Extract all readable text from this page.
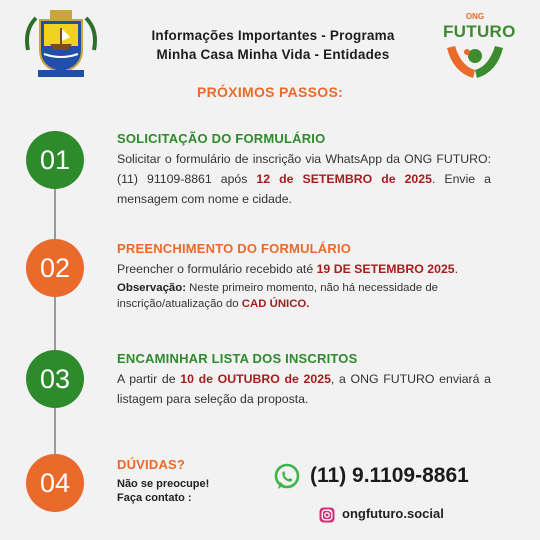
Informações Importantes - Programa
Minha Casa Minha Vida - Entidades
ONG
FUTURO
PRÓXIMOS PASSOS:
01
02
03
04
SOLICITAÇÃO DO FORMULÁRIO
Solicitar o formulário de inscrição via WhatsApp da ONG FUTURO: (11) 91109-8861 após 12 de SETEMBRO de 2025. Envie a mensagem com nome e cidade.
PREENCHIMENTO DO FORMULÁRIO
Preencher o formulário recebido até 19 DE SETEMBRO 2025.
Observação: Neste primeiro momento, não há necessidade de inscrição/atualização do CAD ÚNICO.
ENCAMINHAR LISTA DOS INSCRITOS
A partir de 10 de OUTUBRO de 2025, a ONG FUTURO enviará a listagem para seleção da proposta.
DÚVIDAS?
Não se preocupe!
Faça contato :
(11) 9.1109-8861
ongfuturo.social
